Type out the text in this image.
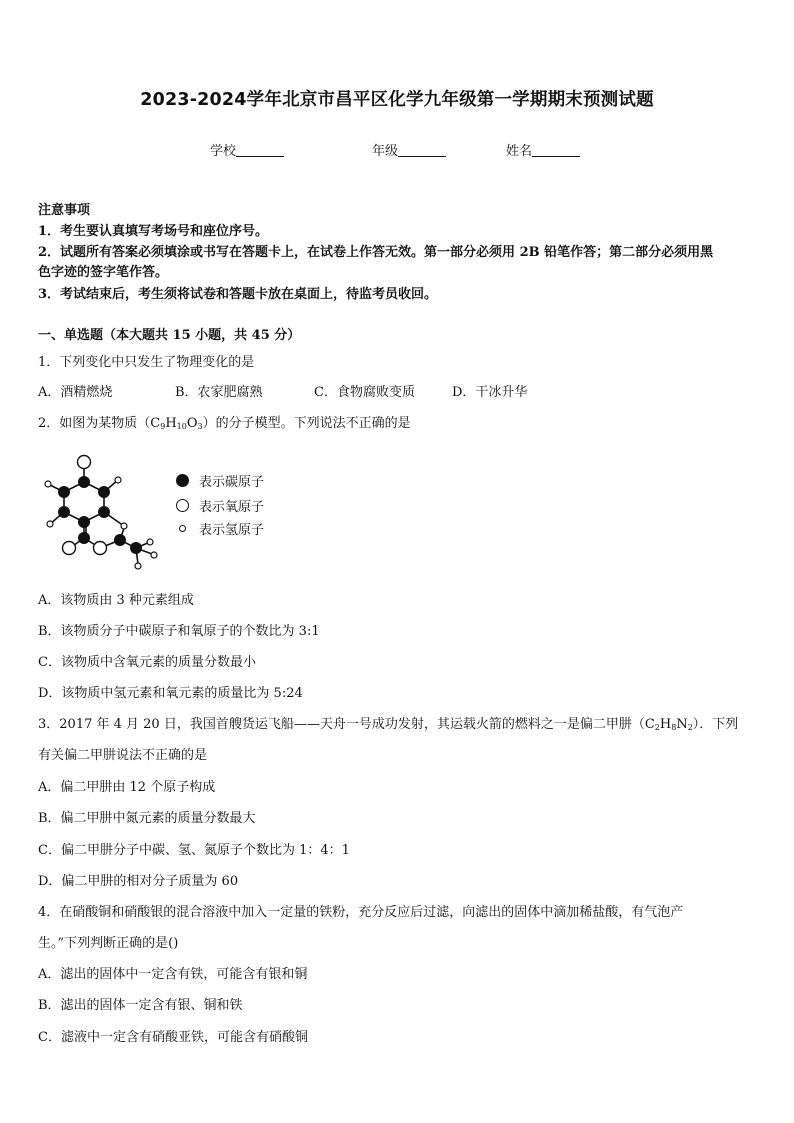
2023-2024学年北京市昌平区化学九年级第一学期期末预测试题
学校	年级	姓名
注意事项
1．考生要认真填写考场号和座位序号。
2．试题所有答案必须填涂或书写在答题卡上，在试卷上作答无效。第一部分必须用 2B 铅笔作答；第二部分必须用黑
色字迹的签字笔作答。
3．考试结束后，考生须将试卷和答题卡放在桌面上，待监考员收回。
一、单选题（本大题共 15 小题，共 45 分）
1．下列变化中只发生了物理变化的是
A．酒精燃烧	B．农家肥腐熟	C．食物腐败变质	D．干冰升华
2．如图为某物质$(C_9H_{10}O_3)$的分子模型。下列说法不正确的是
表示碳原子
表示氧原子
表示氢原子
A．该物质由 3 种元素组成
B．该物质分子中碳原子和氧原子的个数比为 3:1
C．该物质中含氧元素的质量分数最小
D．该物质中氢元素和氧元素的质量比为 5:24
3．2017 年 4 月 20 日，我国首艘货运飞船——天舟一号成功发射，其运载火箭的燃料之一是偏二甲肼$(C_2H_8N_2)$．下列
有关偏二甲肼说法不正确的是
A．偏二甲肼由 12 个原子构成
B．偏二甲肼中氮元素的质量分数最大
C．偏二甲肼分子中碳、氢、氮原子个数比为 1：4：1
D．偏二甲肼的相对分子质量为 60
4．在硝酸铜和硝酸银的混合溶液中加入一定量的铁粉，充分反应后过滤，向滤出的固体中滴加稀盐酸，有气泡产
生。”下列判断正确的是()
A．滤出的固体中一定含有铁，可能含有银和铜
B．滤出的固体一定含有银、铜和铁
C．滤液中一定含有硝酸亚铁，可能含有硝酸铜
